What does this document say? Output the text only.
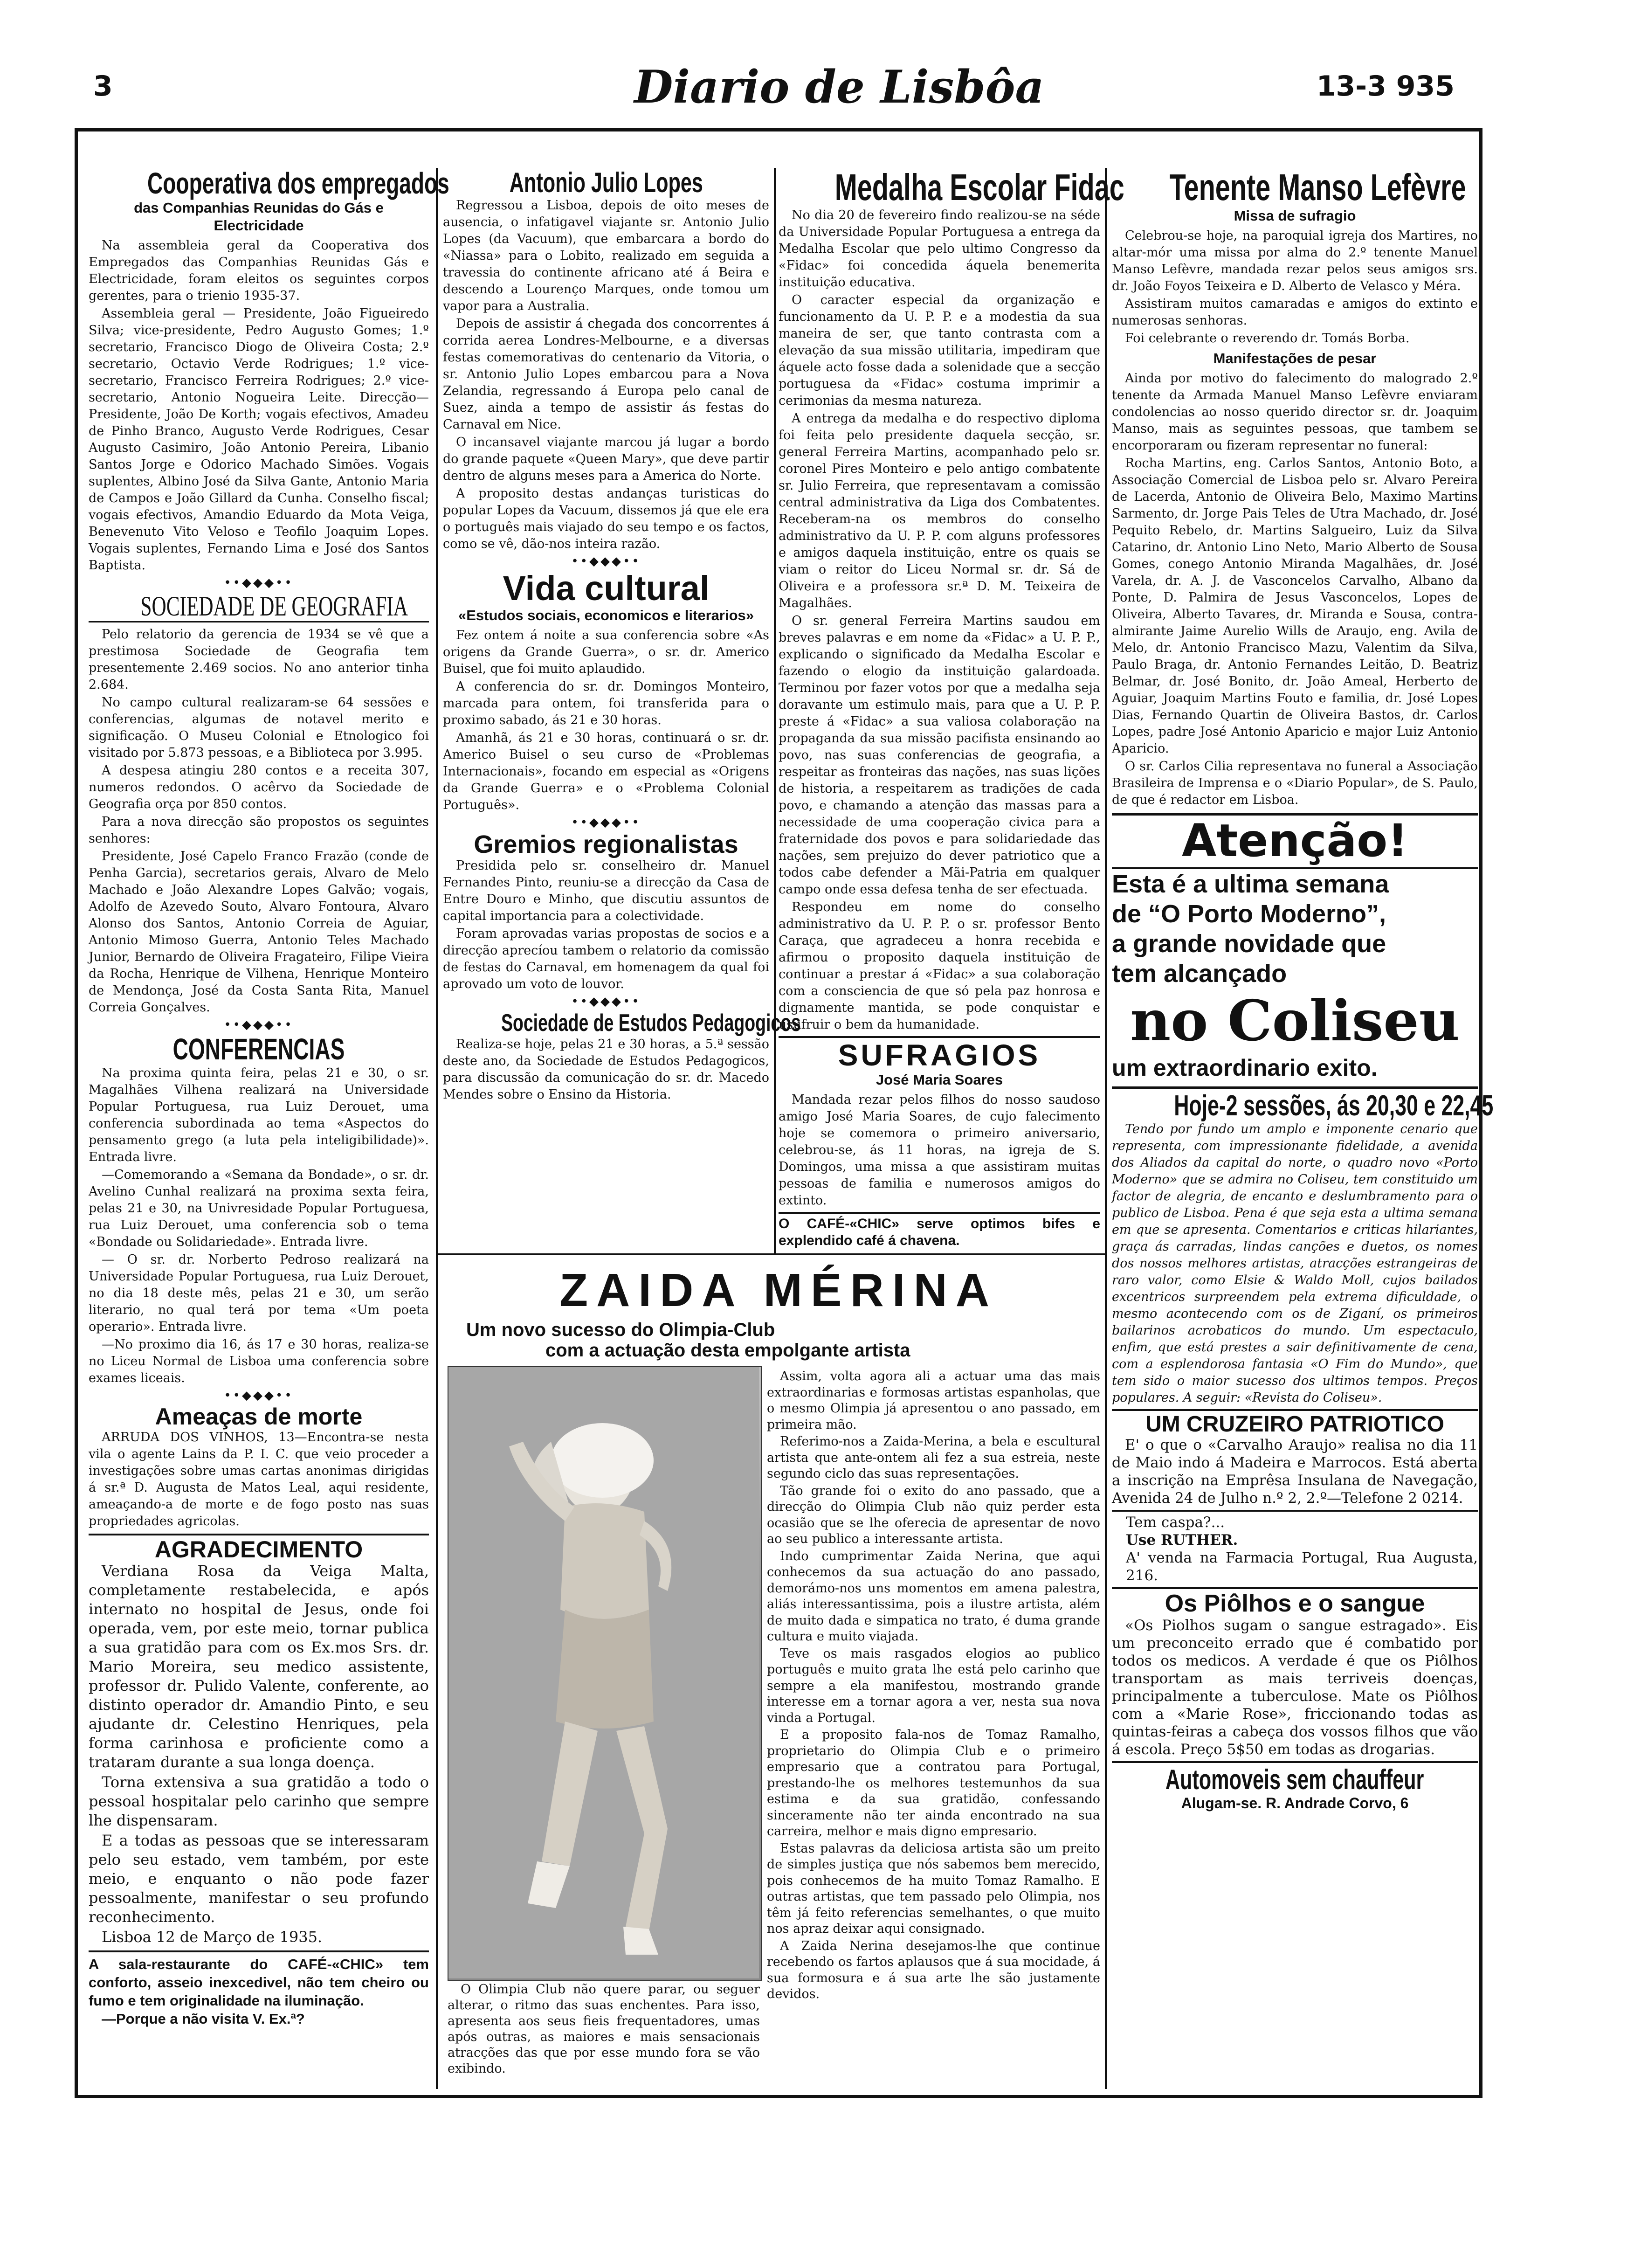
3	Diario de Lisbôa	13-3 935
Cooperativa dos empregados
das Companhias Reunidas do Gás e Electricidade

Na assembleia geral da Cooperativa dos Empregados das Companhias Reunidas Gás e Electricidade, foram eleitos os seguintes corpos gerentes, para o trienio 1935-37.

Assembleia geral — Presidente, João Figueiredo Silva; vice-presidente, Pedro Augusto Gomes; 1.º secretario, Francisco Diogo de Oliveira Costa; 2.º secretario, Octavio Verde Rodrigues; 1.º vice-secretario, Francisco Ferreira Rodrigues; 2.º vice-secretario, Antonio Nogueira Leite. Direcção—Presidente, João De Korth; vogais efectivos, Amadeu de Pinho Branco, Augusto Verde Rodrigues, Cesar Augusto Casimiro, João Antonio Pereira, Libanio Santos Jorge e Odorico Machado Simões. Vogais suplentes, Albino José da Silva Gante, Antonio Maria de Campos e João Gillard da Cunha. Conselho fiscal; vogais efectivos, Amandio Eduardo da Mota Veiga, Benevenuto Vito Veloso e Teofilo Joaquim Lopes. Vogais suplentes, Fernando Lima e José dos Santos Baptista.

••◆◆◆••
SOCIEDADE DE GEOGRAFIA

Pelo relatorio da gerencia de 1934 se vê que a prestimosa Sociedade de Geografia tem presentemente 2.469 socios. No ano anterior tinha 2.684.

No campo cultural realizaram-se 64 sessões e conferencias, algumas de notavel merito e significação. O Museu Colonial e Etnologico foi visitado por 5.873 pessoas, e a Biblioteca por 3.995.

A despesa atingiu 280 contos e a receita 307, numeros redondos. O acêrvo da Sociedade de Geografia orça por 850 contos.

Para a nova direcção são propostos os seguintes senhores:

Presidente, José Capelo Franco Frazão (conde de Penha Garcia), secretarios gerais, Alvaro de Melo Machado e João Alexandre Lopes Galvão; vogais, Adolfo de Azevedo Souto, Alvaro Fontoura, Alvaro Alonso dos Santos, Antonio Correia de Aguiar, Antonio Mimoso Guerra, Antonio Teles Machado Junior, Bernardo de Oliveira Fragateiro, Filipe Vieira da Rocha, Henrique de Vilhena, Henrique Monteiro de Mendonça, José da Costa Santa Rita, Manuel Correia Gonçalves.

••◆◆◆••
CONFERENCIAS

Na proxima quinta feira, pelas 21 e 30, o sr. Magalhães Vilhena realizará na Universidade Popular Portuguesa, rua Luiz Derouet, uma conferencia subordinada ao tema «Aspectos do pensamento grego (a luta pela inteligibilidade)». Entrada livre.

—Comemorando a «Semana da Bondade», o sr. dr. Avelino Cunhal realizará na proxima sexta feira, pelas 21 e 30, na Univresidade Popular Portuguesa, rua Luiz Derouet, uma conferencia sob o tema «Bondade ou Solidariedade». Entrada livre.

— O sr. dr. Norberto Pedroso realizará na Universidade Popular Portuguesa, rua Luiz Derouet, no dia 18 deste mês, pelas 21 e 30, um serão literario, no qual terá por tema «Um poeta operario». Entrada livre.

—No proximo dia 16, ás 17 e 30 horas, realiza-se no Liceu Normal de Lisboa uma conferencia sobre exames liceais.

••◆◆◆••
Ameaças de morte

ARRUDA DOS VINHOS, 13—Encontra-se nesta vila o agente Lains da P. I. C. que veio proceder a investigações sobre umas cartas anonimas dirigidas á sr.ª D. Augusta de Matos Leal, aqui residente, ameaçando-a de morte e de fogo posto nas suas propriedades agricolas.

AGRADECIMENTO

Verdiana Rosa da Veiga Malta, completamente restabelecida, e após internato no hospital de Jesus, onde foi operada, vem, por este meio, tornar publica a sua gratidão para com os Ex.mos Srs. dr. Mario Moreira, seu medico assistente, professor dr. Pulido Valente, conferente, ao distinto operador dr. Amandio Pinto, e seu ajudante dr. Celestino Henriques, pela forma carinhosa e proficiente como a trataram durante a sua longa doença.

Torna extensiva a sua gratidão a todo o pessoal hospitalar pelo carinho que sempre lhe dispensaram.

E a todas as pessoas que se interessaram pelo seu estado, vem também, por este meio, e enquanto o não pode fazer pessoalmente, manifestar o seu profundo reconhecimento.

Lisboa 12 de Março de 1935.

A sala-restaurante do CAFÉ-«CHIC» tem conforto, asseio inexcedivel, não tem cheiro ou fumo e tem originalidade na iluminação.
—Porque a não visita V. Ex.ª?
Antonio Julio Lopes

Regressou a Lisboa, depois de oito meses de ausencia, o infatigavel viajante sr. Antonio Julio Lopes (da Vacuum), que embarcara a bordo do «Niassa» para o Lobito, realizado em seguida a travessia do continente africano até á Beira e descendo a Lourenço Marques, onde tomou um vapor para a Australia.

Depois de assistir á chegada dos concorrentes á corrida aerea Londres-Melbourne, e a diversas festas comemorativas do centenario da Vitoria, o sr. Antonio Julio Lopes embarcou para a Nova Zelandia, regressando á Europa pelo canal de Suez, ainda a tempo de assistir ás festas do Carnaval em Nice.

O incansavel viajante marcou já lugar a bordo do grande paquete «Queen Mary», que deve partir dentro de alguns meses para a America do Norte.

A proposito destas andanças turisticas do popular Lopes da Vacuum, dissemos já que ele era o português mais viajado do seu tempo e os factos, como se vê, dão-nos inteira razão.

••◆◆◆••
Vida cultural
«Estudos sociais, economicos e literarios»

Fez ontem á noite a sua conferencia sobre «As origens da Grande Guerra», o sr. dr. Americo Buisel, que foi muito aplaudido.

A conferencia do sr. dr. Domingos Monteiro, marcada para ontem, foi transferida para o proximo sabado, ás 21 e 30 horas.

Amanhã, ás 21 e 30 horas, continuará o sr. dr. Americo Buisel o seu curso de «Problemas Internacionais», focando em especial as «Origens da Grande Guerra» e o «Problema Colonial Português».

••◆◆◆••
Gremios regionalistas

Presidida pelo sr. conselheiro dr. Manuel Fernandes Pinto, reuniu-se a direcção da Casa de Entre Douro e Minho, que discutiu assuntos de capital importancia para a colectividade.

Foram aprovadas varias propostas de socios e a direcção aprecíou tambem o relatorio da comissão de festas do Carnaval, em homenagem da qual foi aprovado um voto de louvor.

••◆◆◆••
Sociedade de Estudos Pedagogicos

Realiza-se hoje, pelas 21 e 30 horas, a 5.ª sessão deste ano, da Sociedade de Estudos Pedagogicos, para discussão da comunicação do sr. dr. Macedo Mendes sobre o Ensino da Historia.

Medalha Escolar Fidac

No dia 20 de fevereiro findo realizou-se na séde da Universidade Popular Portuguesa a entrega da Medalha Escolar que pelo ultimo Congresso da «Fidac» foi concedida áquela benemerita instituição educativa.

O caracter especial da organização e funcionamento da U. P. P. e a modestia da sua maneira de ser, que tanto contrasta com a elevação da sua missão utilitaria, impediram que áquele acto fosse dada a solenidade que a secção portuguesa da «Fidac» costuma imprimir a cerimonias da mesma natureza.

A entrega da medalha e do respectivo diploma foi feita pelo presidente daquela secção, sr. general Ferreira Martins, acompanhado pelo sr. coronel Pires Monteiro e pelo antigo combatente sr. Julio Ferreira, que representavam a comissão central administrativa da Liga dos Combatentes. Receberam-na os membros do conselho administrativo da U. P. P. com alguns professores e amigos daquela instituição, entre os quais se viam o reitor do Liceu Normal sr. dr. Sá de Oliveira e a professora sr.ª D. M. Teixeira de Magalhães.

O sr. general Ferreira Martins saudou em breves palavras e em nome da «Fidac» a U. P. P., explicando o significado da Medalha Escolar e fazendo o elogio da instituição galardoada. Terminou por fazer votos por que a medalha seja doravante um estimulo mais, para que a U. P. P. preste á «Fidac» a sua valiosa colaboração na propaganda da sua missão pacifista ensinando ao povo, nas suas conferencias de geografia, a respeitar as fronteiras das nações, nas suas lições de historia, a respeitarem as tradições de cada povo, e chamando a atenção das massas para a necessidade de uma cooperação civica para a fraternidade dos povos e para solidariedade das nações, sem prejuizo do dever patriotico que a todos cabe defender a Mãi-Patria em qualquer campo onde essa defesa tenha de ser efectuada.

Respondeu em nome do conselho administrativo da U. P. P. o sr. professor Bento Caraça, que agradeceu a honra recebida e afirmou o proposito daquela instituição de continuar a prestar á «Fidac» a sua colaboração com a consciencia de que só pela paz honrosa e dignamente mantida, se pode conquistar e usufruir o bem da humanidade.

SUFRAGIOS
José Maria Soares

Mandada rezar pelos filhos do nosso saudoso amigo José Maria Soares, de cujo falecimento hoje se comemora o primeiro aniversario, celebrou-se, ás 11 horas, na igreja de S. Domingos, uma missa a que assistiram muitas pessoas de familia e numerosos amigos do extinto.

O CAFÉ-«CHIC» serve optimos bifes e explendido café á chavena.
Tenente Manso Lefèvre
Missa de sufragio

Celebrou-se hoje, na paroquial igreja dos Martires, no altar-mór uma missa por alma do 2.º tenente Manuel Manso Lefèvre, mandada rezar pelos seus amigos srs. dr. João Foyos Teixeira e D. Alberto de Velasco y Méra.

Assistiram muitos camaradas e amigos do extinto e numerosas senhoras.

Foi celebrante o reverendo dr. Tomás Borba.

Manifestações de pesar

Ainda por motivo do falecimento do malogrado 2.º tenente da Armada Manuel Manso Lefèvre enviaram condolencias ao nosso querido director sr. dr. Joaquim Manso, mais as seguintes pessoas, que tambem se encorporaram ou fizeram representar no funeral:

Rocha Martins, eng. Carlos Santos, Antonio Boto, a Associação Comercial de Lisboa pelo sr. Alvaro Pereira de Lacerda, Antonio de Oliveira Belo, Maximo Martins Sarmento, dr. Jorge Pais Teles de Utra Machado, dr. José Pequito Rebelo, dr. Martins Salgueiro, Luiz da Silva Catarino, dr. Antonio Lino Neto, Mario Alberto de Sousa Gomes, conego Antonio Miranda Magalhães, dr. José Varela, dr. A. J. de Vasconcelos Carvalho, Albano da Ponte, D. Palmira de Jesus Vasconcelos, Lopes de Oliveira, Alberto Tavares, dr. Miranda e Sousa, contra-almirante Jaime Aurelio Wills de Araujo, eng. Avila de Melo, dr. Antonio Francisco Mazu, Valentim da Silva, Paulo Braga, dr. Antonio Fernandes Leitão, D. Beatriz Belmar, dr. José Bonito, dr. João Ameal, Herberto de Aguiar, Joaquim Martins Fouto e familia, dr. José Lopes Dias, Fernando Quartin de Oliveira Bastos, dr. Carlos Lopes, padre José Antonio Aparicio e major Luiz Antonio Aparicio.

O sr. Carlos Cilia representava no funeral a Associação Brasileira de Imprensa e o «Diario Popular», de S. Paulo, de que é redactor em Lisboa.

Atenção!
Esta é a ultima semana
de “O Porto Moderno”,
a grande novidade que
tem alcançado
no Coliseu
um extraordinario exito.
Hoje-2 sessões, ás 20,30 e 22,45

Tendo por fundo um amplo e imponente cenario que representa, com impressionante fidelidade, a avenida dos Aliados da capital do norte, o quadro novo «Porto Moderno» que se admira no Coliseu, tem constituido um factor de alegria, de encanto e deslumbramento para o publico de Lisboa. Pena é que seja esta a ultima semana em que se apresenta. Comentarios e criticas hilariantes, graça ás carradas, lindas canções e duetos, os nomes dos nossos melhores artistas, atracções estrangeiras de raro valor, como Elsie & Waldo Moll, cujos bailados excentricos surpreendem pela extrema dificuldade, o mesmo acontecendo com os de Ziganí, os primeiros bailarinos acrobaticos do mundo. Um espectaculo, enfim, que está prestes a sair definitivamente de cena, com a esplendorosa fantasia «O Fim do Mundo», que tem sido o maior sucesso dos ultimos tempos. Preços populares. A seguir: «Revista do Coliseu».

UM CRUZEIRO PATRIOTICO

E' o que o «Carvalho Araujo» realisa no dia 11 de Maio indo á Madeira e Marrocos. Está aberta a inscrição na Emprêsa Insulana de Navegação, Avenida 24 de Julho n.º 2, 2.º—Telefone 2 0214.

Tem caspa?...
Use RUTHER.
A' venda na Farmacia Portugal, Rua Augusta, 216.
Os Piôlhos e o sangue

«Os Piolhos sugam o sangue estragado». Eis um preconceito errado que é combatido por todos os medicos. A verdade é que os Piôlhos transportam as mais terriveis doenças, principalmente a tuberculose. Mate os Piôlhos com a «Marie Rose», friccionando todas as quintas-feiras a cabeça dos vossos filhos que vão á escola. Preço 5$50 em todas as drogarias.

Automoveis sem chauffeur
Alugam-se. R. Andrade Corvo, 6
ZAIDA MÉRINA
Um novo sucesso do Olimpia-Club
com a actuação desta empolgante artista

O Olimpia Club não quere parar, ou seguer alterar, o ritmo das suas enchentes. Para isso, apresenta aos seus fieis frequentadores, umas após outras, as maiores e mais sensacionais atracções das que por esse mundo fora se vão exibindo.

Assim, volta agora ali a actuar uma das mais extraordinarias e formosas artistas espanholas, que o mesmo Olimpia já apresentou o ano passado, em primeira mão.

Referimo-nos a Zaida-Merina, a bela e escultural artista que ante-ontem ali fez a sua estreia, neste segundo ciclo das suas representações.

Tão grande foi o exito do ano passado, que a direcção do Olimpia Club não quiz perder esta ocasião que se lhe oferecia de apresentar de novo ao seu publico a interessante artista.

Indo cumprimentar Zaida Nerina, que aqui conhecemos da sua actuação do ano passado, demorámo-nos uns momentos em amena palestra, aliás interessantissima, pois a ilustre artista, além de muito dada e simpatica no trato, é duma grande cultura e muito viajada.

Teve os mais rasgados elogios ao publico português e muito grata lhe está pelo carinho que sempre a ela manifestou, mostrando grande interesse em a tornar agora a ver, nesta sua nova vinda a Portugal.

E a proposito fala-nos de Tomaz Ramalho, proprietario do Olimpia Club e o primeiro empresario que a contratou para Portugal, prestando-lhe os melhores testemunhos da sua estima e da sua gratidão, confessando sinceramente não ter ainda encontrado na sua carreira, melhor e mais digno empresario.

Estas palavras da deliciosa artista são um preito de simples justiça que nós sabemos bem merecido, pois conhecemos de ha muito Tomaz Ramalho. E outras artistas, que tem passado pelo Olimpia, nos têm já feito referencias semelhantes, o que muito nos apraz deixar aqui consignado.

A Zaida Nerina desejamos-lhe que continue recebendo os fartos aplausos que á sua mocidade, á sua formosura e á sua arte lhe são justamente devidos.
